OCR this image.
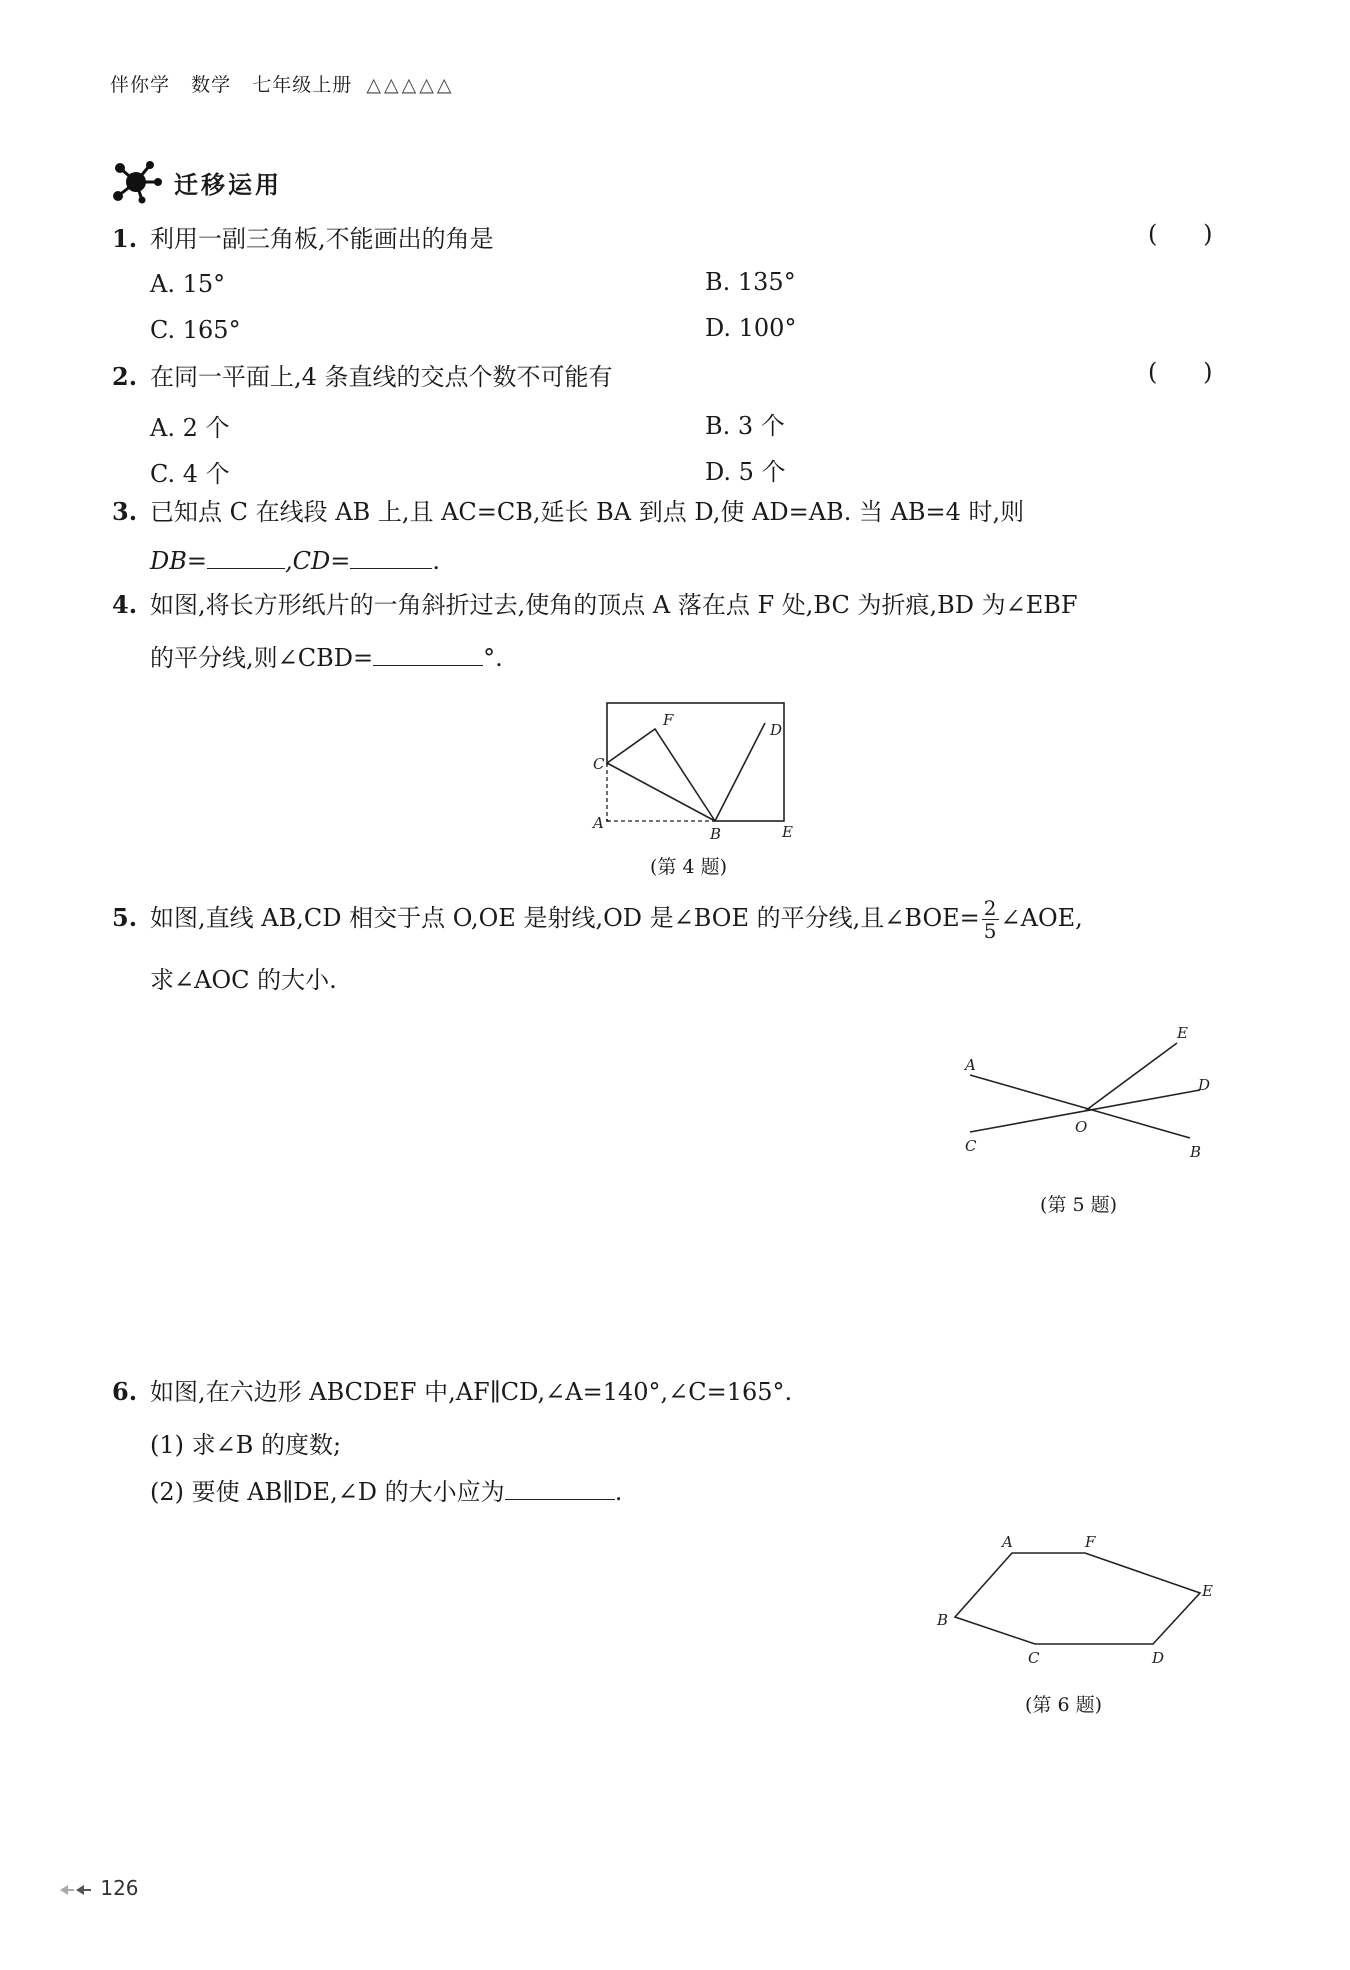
伴你学 数学 七年级上册 △△△△△
迁移运用
1. 利用一副三角板,不能画出的角是	(      )
A. 15°	B. 135°
C. 165°	D. 100°
2. 在同一平面上,4 条直线的交点个数不可能有	(      )
A. 2 个	B. 3 个
C. 4 个	D. 5 个
3. 已知点 C 在线段 AB 上,且 AC=CB,延长 BA 到点 D,使 AD=AB. 当 AB=4 时,则
DB=	,CD=	.
4. 如图,将长方形纸片的一角斜折过去,使角的顶点 A 落在点 F 处,BC 为折痕,BD 为∠EBF
的平分线,则∠CBD=	°.
C
F
D
A
B	E
(第 4 题)
5. 如图,直线 AB,CD 相交于点 O,OE 是射线,OD 是∠BOE 的平分线,且∠BOE= $\frac{2}{5}$ ∠AOE,
求∠AOC 的大小.
A
C
E
D
O
B
(第 5 题)
6. 如图,在六边形 ABCDEF 中,AF∥CD,∠A=140°,∠C=165°.
(1) 求∠B 的度数;
(2) 要使 AB∥DE,∠D 的大小应为	.
A	F
E
D
C
B
(第 6 题)
126
